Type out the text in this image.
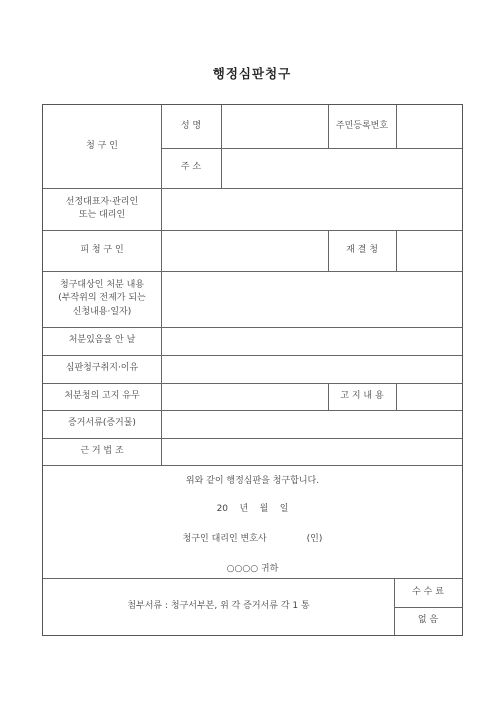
행정심판청구
청 구 인
성 명	주민등록번호
주 소
선정대표자·관리인
또는 대리인
피 청 구 인	재 결 청
청구대상인 처분 내용
(부작위의 전제가 되는
신청내용·일자)
처분있음을 안 날
심판청구취지·이유
처분청의 고지 유무	고 지 내 용
증거서류(증거물)
근 거 법 조
위와 같이 행정심판을 청구합니다.
20    년    월    일
청구인 대리인 변호사              (인)
○○○○ 귀하
첨부서류 : 청구서부본, 위 각 증거서류 각 1 통
수 수 료
없 음
